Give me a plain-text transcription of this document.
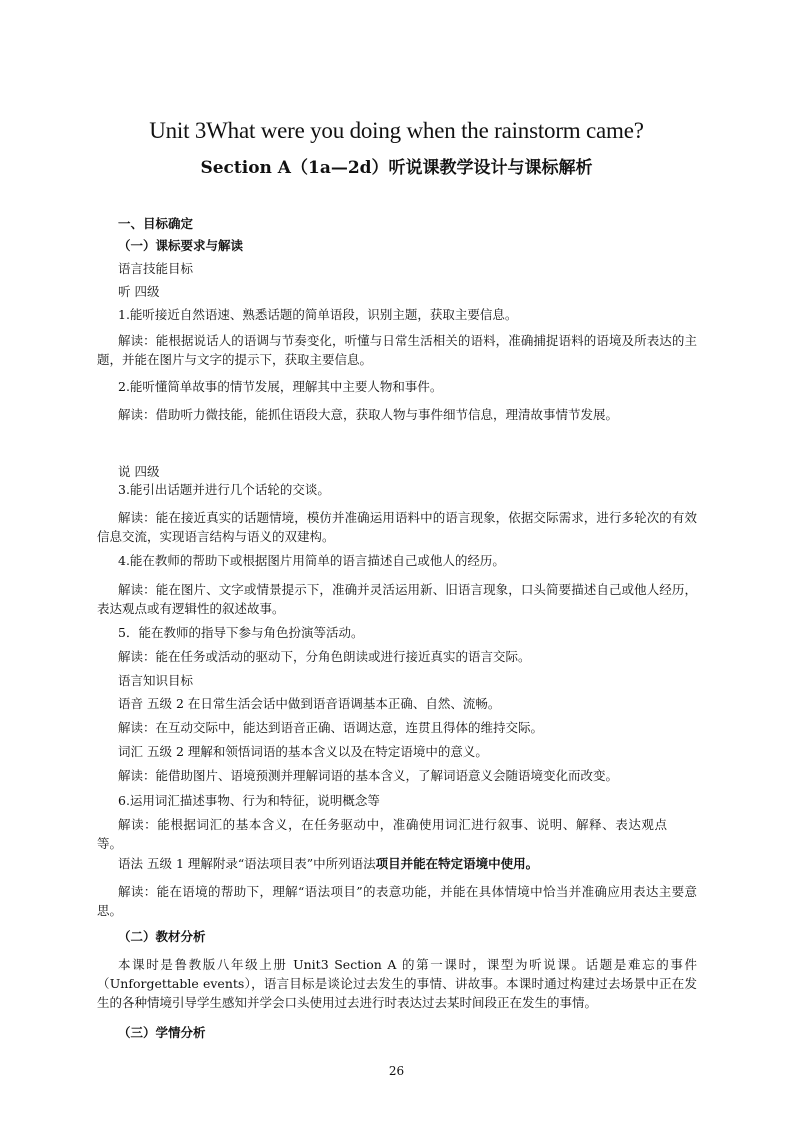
Unit 3What were you doing when the rainstorm came?
Section A（1a—2d）听说课教学设计与课标解析
一、目标确定
（一）课标要求与解读
语言技能目标
听 四级
1.能听接近自然语速、熟悉话题的简单语段，识别主题，获取主要信息。
解读：能根据说话人的语调与节奏变化，听懂与日常生活相关的语料，准确捕捉语料的语境及所表达的主题，并能在图片与文字的提示下，获取主要信息。
2.能听懂简单故事的情节发展，理解其中主要人物和事件。
解读：借助听力微技能，能抓住语段大意，获取人物与事件细节信息，理清故事情节发展。
说 四级
3.能引出话题并进行几个话轮的交谈。
解读：能在接近真实的话题情境，模仿并准确运用语料中的语言现象，依据交际需求，进行多轮次的有效信息交流，实现语言结构与语义的双建构。
4.能在教师的帮助下或根据图片用简单的语言描述自己或他人的经历。
解读：能在图片、文字或情景提示下，准确并灵活运用新、旧语言现象，口头简要描述自己或他人经历，表达观点或有逻辑性的叙述故事。
5．能在教师的指导下参与角色扮演等活动。
解读：能在任务或活动的驱动下，分角色朗读或进行接近真实的语言交际。
语言知识目标
语音 五级 2 在日常生活会话中做到语音语调基本正确、自然、流畅。
解读：在互动交际中，能达到语音正确、语调达意，连贯且得体的维持交际。
词汇 五级 2 理解和领悟词语的基本含义以及在特定语境中的意义。
解读：能借助图片、语境预测并理解词语的基本含义，了解词语意义会随语境变化而改变。
6.运用词汇描述事物、行为和特征，说明概念等
解读：能根据词汇的基本含义，在任务驱动中，准确使用词汇进行叙事、说明、解释、表达观点等。
语法 五级 1 理解附录“语法项目表”中所列语法项目并能在特定语境中使用。
解读：能在语境的帮助下，理解“语法项目”的表意功能，并能在具体情境中恰当并准确应用表达主要意思。
（二）教材分析
本课时是鲁教版八年级上册 Unit3 Section A 的第一课时，课型为听说课。话题是难忘的事件（Unforgettable events），语言目标是谈论过去发生的事情、讲故事。本课时通过构建过去场景中正在发生的各种情境引导学生感知并学会口头使用过去进行时表达过去某时间段正在发生的事情。
（三）学情分析
26
